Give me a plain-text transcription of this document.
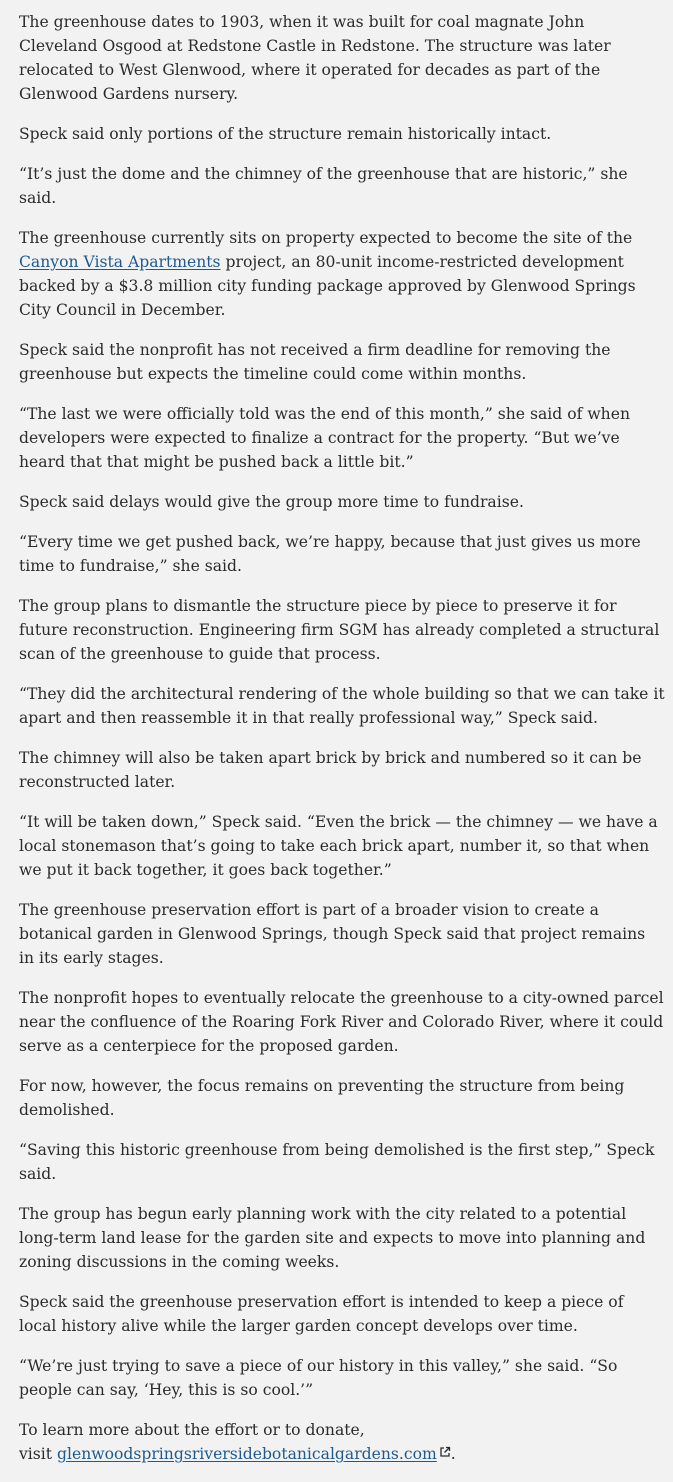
The greenhouse dates to 1903, when it was built for coal magnate John Cleveland Osgood at Redstone Castle in Redstone. The structure was later relocated to West Glenwood, where it operated for decades as part of the Glenwood Gardens nursery.

Speck said only portions of the structure remain historically intact.

“It’s just the dome and the chimney of the greenhouse that are historic,” she said.

The greenhouse currently sits on property expected to become the site of the Canyon Vista Apartments project, an 80-unit income-restricted development backed by a $3.8 million city funding package approved by Glenwood Springs City Council in December.

Speck said the nonprofit has not received a firm deadline for removing the greenhouse but expects the timeline could come within months.

“The last we were officially told was the end of this month,” she said of when developers were expected to finalize a contract for the property. “But we’ve heard that that might be pushed back a little bit.”

Speck said delays would give the group more time to fundraise.

“Every time we get pushed back, we’re happy, because that just gives us more time to fundraise,” she said.

The group plans to dismantle the structure piece by piece to preserve it for future reconstruction. Engineering firm SGM has already completed a structural scan of the greenhouse to guide that process.

“They did the architectural rendering of the whole building so that we can take it apart and then reassemble it in that really professional way,” Speck said.

The chimney will also be taken apart brick by brick and numbered so it can be reconstructed later.

“It will be taken down,” Speck said. “Even the brick — the chimney — we have a local stonemason that’s going to take each brick apart, number it, so that when we put it back together, it goes back together.”

The greenhouse preservation effort is part of a broader vision to create a botanical garden in Glenwood Springs, though Speck said that project remains in its early stages.

The nonprofit hopes to eventually relocate the greenhouse to a city-owned parcel near the confluence of the Roaring Fork River and Colorado River, where it could serve as a centerpiece for the proposed garden.

For now, however, the focus remains on preventing the structure from being demolished.

“Saving this historic greenhouse from being demolished is the first step,” Speck said.

The group has begun early planning work with the city related to a potential long-term land lease for the garden site and expects to move into planning and zoning discussions in the coming weeks.

Speck said the greenhouse preservation effort is intended to keep a piece of local history alive while the larger garden concept develops over time.

“We’re just trying to save a piece of our history in this valley,” she said. “So people can say, ‘Hey, this is so cool.’”

To learn more about the effort or to donate,
visit glenwoodspringsriversidebotanicalgardens.com .
